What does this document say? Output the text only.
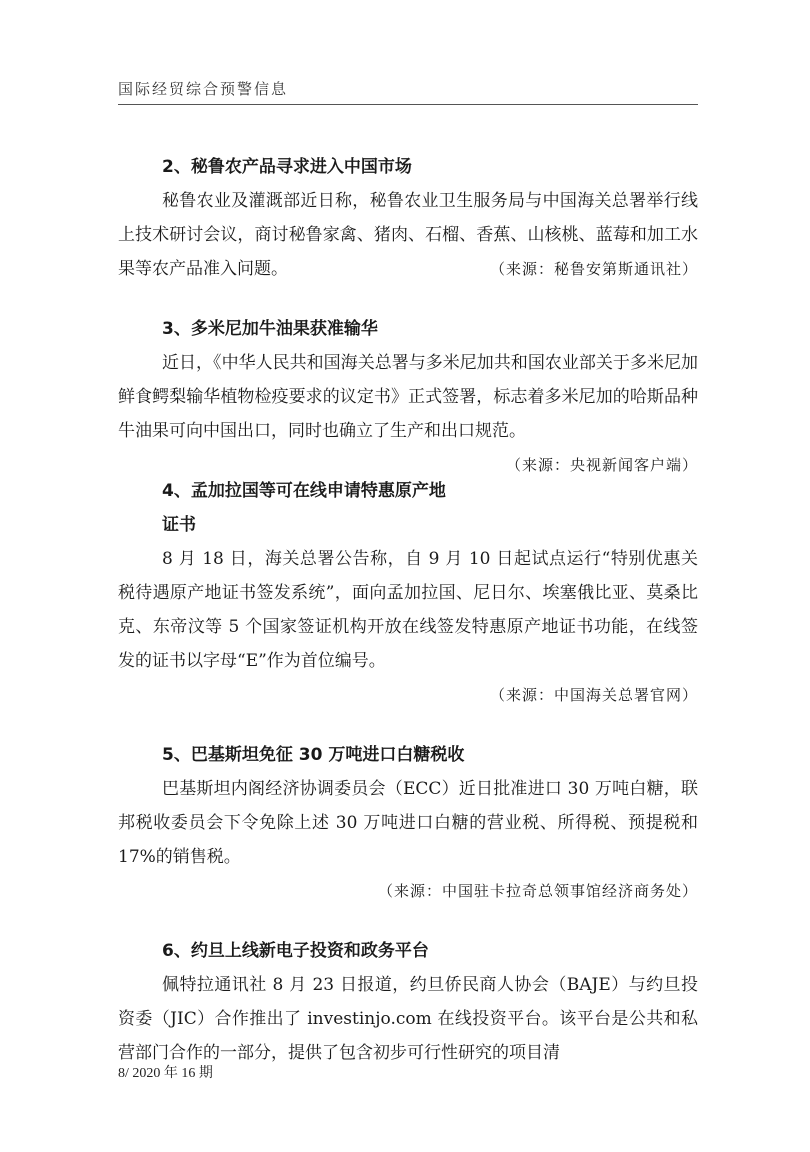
国际经贸综合预警信息
2、秘鲁农产品寻求进入中国市场

秘鲁农业及灌溉部近日称，秘鲁农业卫生服务局与中国海关总署举行线上技术研讨会议，商讨秘鲁家禽、猪肉、石榴、香蕉、山核桃、蓝莓和加工水果等农产品准入问题。	（来源：秘鲁安第斯通讯社）

3、多米尼加牛油果获准输华

近日，《中华人民共和国海关总署与多米尼加共和国农业部关于多米尼加鲜食鳄梨输华植物检疫要求的议定书》正式签署，标志着多米尼加的哈斯品种牛油果可向中国出口，同时也确立了生产和出口规范。
（来源：央视新闻客户端）

4、孟加拉国等可在线申请特惠原产地证书

8 月 18 日，海关总署公告称，自 9 月 10 日起试点运行“特别优惠关税待遇原产地证书签发系统”，面向孟加拉国、尼日尔、埃塞俄比亚、莫桑比克、东帝汶等 5 个国家签证机构开放在线签发特惠原产地证书功能，在线签发的证书以字母“E”作为首位编号。

（来源：中国海关总署官网）

5、巴基斯坦免征 30 万吨进口白糖税收

巴基斯坦内阁经济协调委员会（ECC）近日批准进口 30 万吨白糖，联邦税收委员会下令免除上述 30 万吨进口白糖的营业税、所得税、预提税和 17%的销售税。

（来源：中国驻卡拉奇总领事馆经济商务处）

6、约旦上线新电子投资和政务平台

佩特拉通讯社 8 月 23 日报道，约旦侨民商人协会（BAJE）与约旦投资委（JIC）合作推出了 investinjo.com 在线投资平台。该平台是公共和私营部门合作的一部分，提供了包含初步可行性研究的项目清

8/ 2020 年 16 期
